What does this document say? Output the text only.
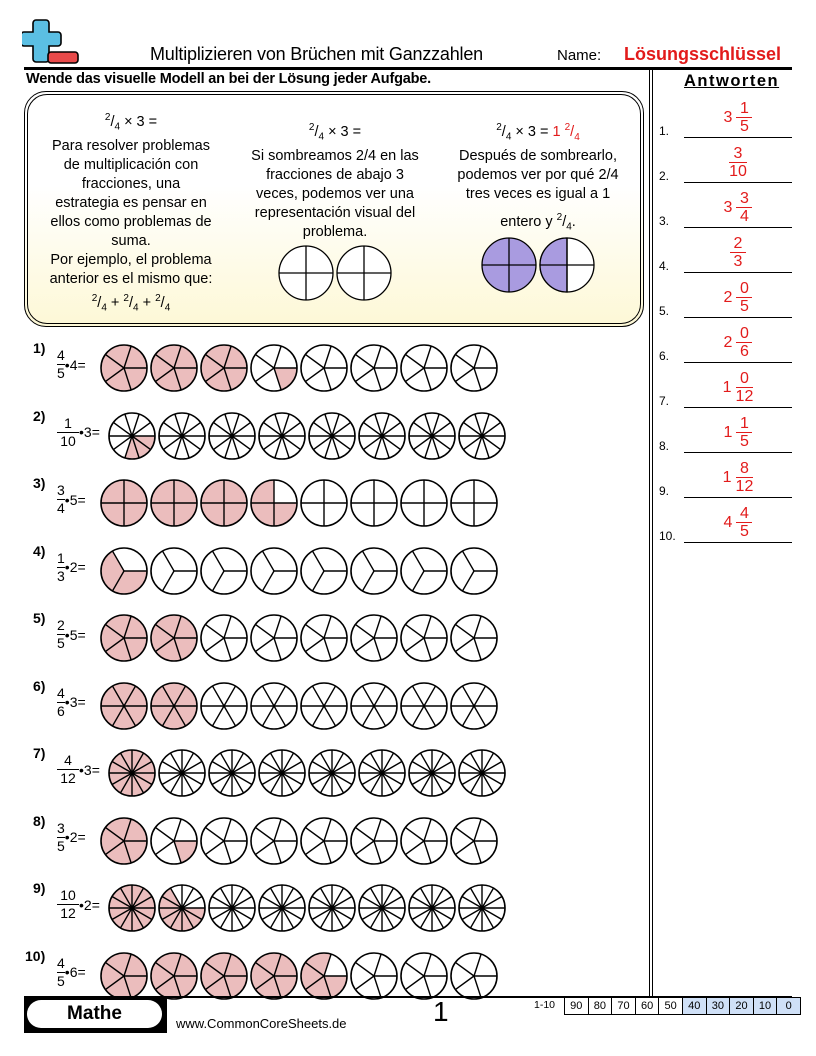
Multiplizieren von Brüchen mit Ganzzahlen	Name: Lösungsschlüssel
Wende das visuelle Modell an bei der Lösung jeder Aufgabe.	Antworten
$^2/_4 \times 3$ =
Para resolver problemas
de multiplicación con
fracciones, una
estrategia es pensar en
ellos como problemas de
suma.
Por ejemplo, el problema
anterior es el mismo que:
$^2/_4 + ^2/_4 + ^2/_4$
$^2/_4 \times 3$ =
Si sombreamos 2/4 en las
fracciones de abajo 3
veces, podemos ver una
representación visual del
problema.
$^2/_4 \times 3 = 1$ $^2/_4$
Después de sombrearlo,
podemos ver por qué 2/4
tres veces es igual a 1
entero y $^2/_4$.
$1) \frac{4}{5}$ •4=
$2) \frac{1}{10}$ •3=
$3) \frac{3}{4}$ •5=
$4) \frac{1}{3}$ •2=
$5) \frac{2}{5}$ •5=
$6) \frac{4}{6}$ •3=
$7) \frac{4}{12}$ •3=
$8) \frac{3}{5}$ •2=
$9) \frac{10}{12}$ •2=
$10) \frac{4}{5}$ •6=
1.
$3 \frac{1}{5}$
2.	$\frac{3}{10}$
3.
$3 \frac{3}{4}$
4.	$\frac{2}{3}$
5.
$2 \frac{0}{5}$
6.
$2 \frac{0}{6}$
7.
$1 \frac{0}{12}$
8.
$1 \frac{1}{5}$
9.
$1 \frac{8}{12}$
10.
$4 \frac{4}{5}$
Mathe	www.CommonCoreSheets.de	1	1-10	90	80	70	60	50	40	30	20	10	0
